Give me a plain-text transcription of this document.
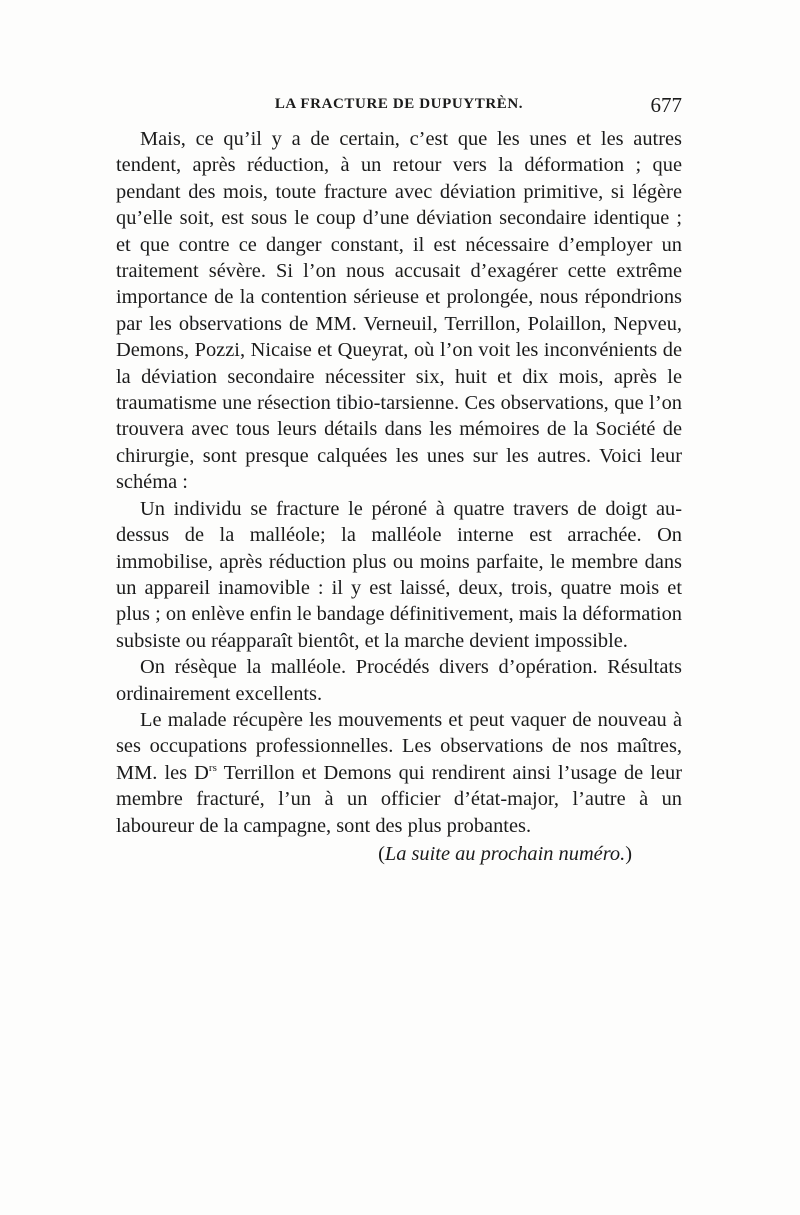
LA FRACTURE DE DUPUYTRÈN.	677

Mais, ce qu’il y a de certain, c’est que les unes et les autres tendent, après réduction, à un retour vers la déformation ; que pendant des mois, toute fracture avec déviation primitive, si légère qu’elle soit, est sous le coup d’une déviation secondaire identique ; et que contre ce danger constant, il est nécessaire d’employer un traitement sévère. Si l’on nous accusait d’exagérer cette extrême importance de la contention sérieuse et prolongée, nous répondrions par les observations de MM. Verneuil, Terrillon, Polaillon, Nepveu, Demons, Pozzi, Nicaise et Queyrat, où l’on voit les inconvénients de la déviation secondaire nécessiter six, huit et dix mois, après le traumatisme une résection tibio-tarsienne. Ces observations, que l’on trouvera avec tous leurs détails dans les mémoires de la Société de chirurgie, sont presque calquées les unes sur les autres. Voici leur schéma :

Un individu se fracture le péroné à quatre travers de doigt au-dessus de la malléole; la malléole interne est arrachée. On immobilise, après réduction plus ou moins parfaite, le membre dans un appareil inamovible : il y est laissé, deux, trois, quatre mois et plus ; on enlève enfin le bandage définitivement, mais la déformation subsiste ou réapparaît bientôt, et la marche devient impossible.

On résèque la malléole. Procédés divers d’opération. Résultats ordinairement excellents.

Le malade récupère les mouvements et peut vaquer de nouveau à ses occupations professionnelles. Les observations de nos maîtres, MM. les $D^{rs}$ Terrillon et Demons qui rendirent ainsi l’usage de leur membre fracturé, l’un à un officier d’état-major, l’autre à un laboureur de la campagne, sont des plus probantes.

(La suite au prochain numéro.)
